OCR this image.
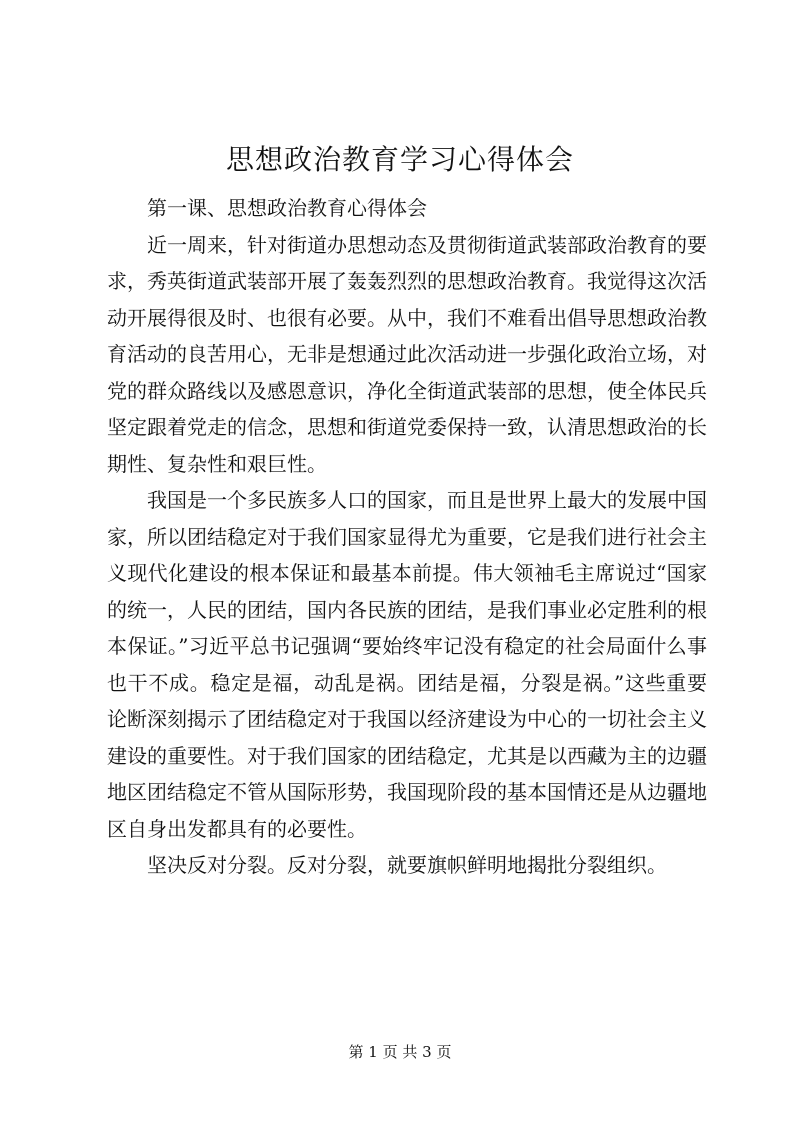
思想政治教育学习心得体会

第一课、思想政治教育心得体会

近一周来，针对街道办思想动态及贯彻街道武装部政治教育的要求，秀英街道武装部开展了轰轰烈烈的思想政治教育。我觉得这次活动开展得很及时、也很有必要。从中，我们不难看出倡导思想政治教育活动的良苦用心，无非是想通过此次活动进一步强化政治立场，对党的群众路线以及感恩意识，净化全街道武装部的思想，使全体民兵坚定跟着党走的信念，思想和街道党委保持一致，认清思想政治的长期性、复杂性和艰巨性。

我国是一个多民族多人口的国家，而且是世界上最大的发展中国家，所以团结稳定对于我们国家显得尤为重要，它是我们进行社会主义现代化建设的根本保证和最基本前提。伟大领袖毛主席说过“国家的统一，人民的团结，国内各民族的团结，是我们事业必定胜利的根本保证。”习近平总书记强调“要始终牢记没有稳定的社会局面什么事也干不成。稳定是福，动乱是祸。团结是福，分裂是祸。”这些重要论断深刻揭示了团结稳定对于我国以经济建设为中心的一切社会主义建设的重要性。对于我们国家的团结稳定，尤其是以西藏为主的边疆地区团结稳定不管从国际形势，我国现阶段的基本国情还是从边疆地区自身出发都具有的必要性。

坚决反对分裂。反对分裂，就要旗帜鲜明地揭批分裂组织。

第 1 页 共 3 页
